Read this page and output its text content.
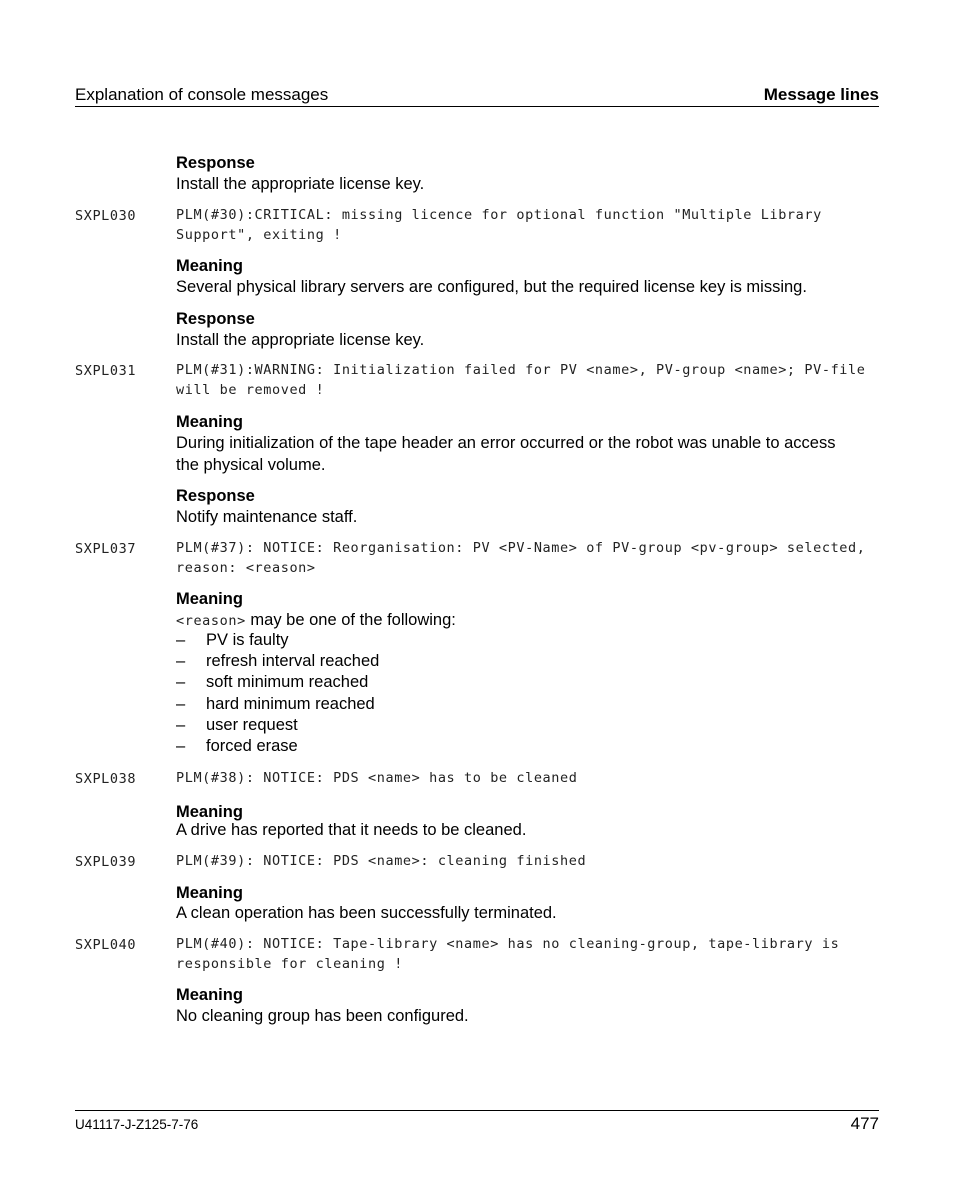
Explanation of console messages	Message lines
Response
Install the appropriate license key.
SXPL030	PLM(#30):CRITICAL: missing licence for optional function "Multiple Library
Support", exiting !
Meaning
Several physical library servers are configured, but the required license key is missing.
Response
Install the appropriate license key.
SXPL031	PLM(#31):WARNING: Initialization failed for PV <name>, PV-group <name>; PV-file
will be removed !
Meaning
During initialization of the tape header an error occurred or the robot was unable to access
the physical volume.
Response
Notify maintenance staff.
SXPL037	PLM(#37): NOTICE: Reorganisation: PV <PV-Name> of PV-group <pv-group> selected,
reason: <reason>
Meaning
<reason> may be one of the following:
– PV is faulty
– refresh interval reached
– soft minimum reached
– hard minimum reached
– user request
– forced erase
SXPL038	PLM(#38): NOTICE: PDS <name> has to be cleaned
Meaning
A drive has reported that it needs to be cleaned.
SXPL039	PLM(#39): NOTICE: PDS <name>: cleaning finished
Meaning
A clean operation has been successfully terminated.
SXPL040	PLM(#40): NOTICE: Tape-library <name> has no cleaning-group, tape-library is
responsible for cleaning !
Meaning
No cleaning group has been configured.
U41117-J-Z125-7-76	477
